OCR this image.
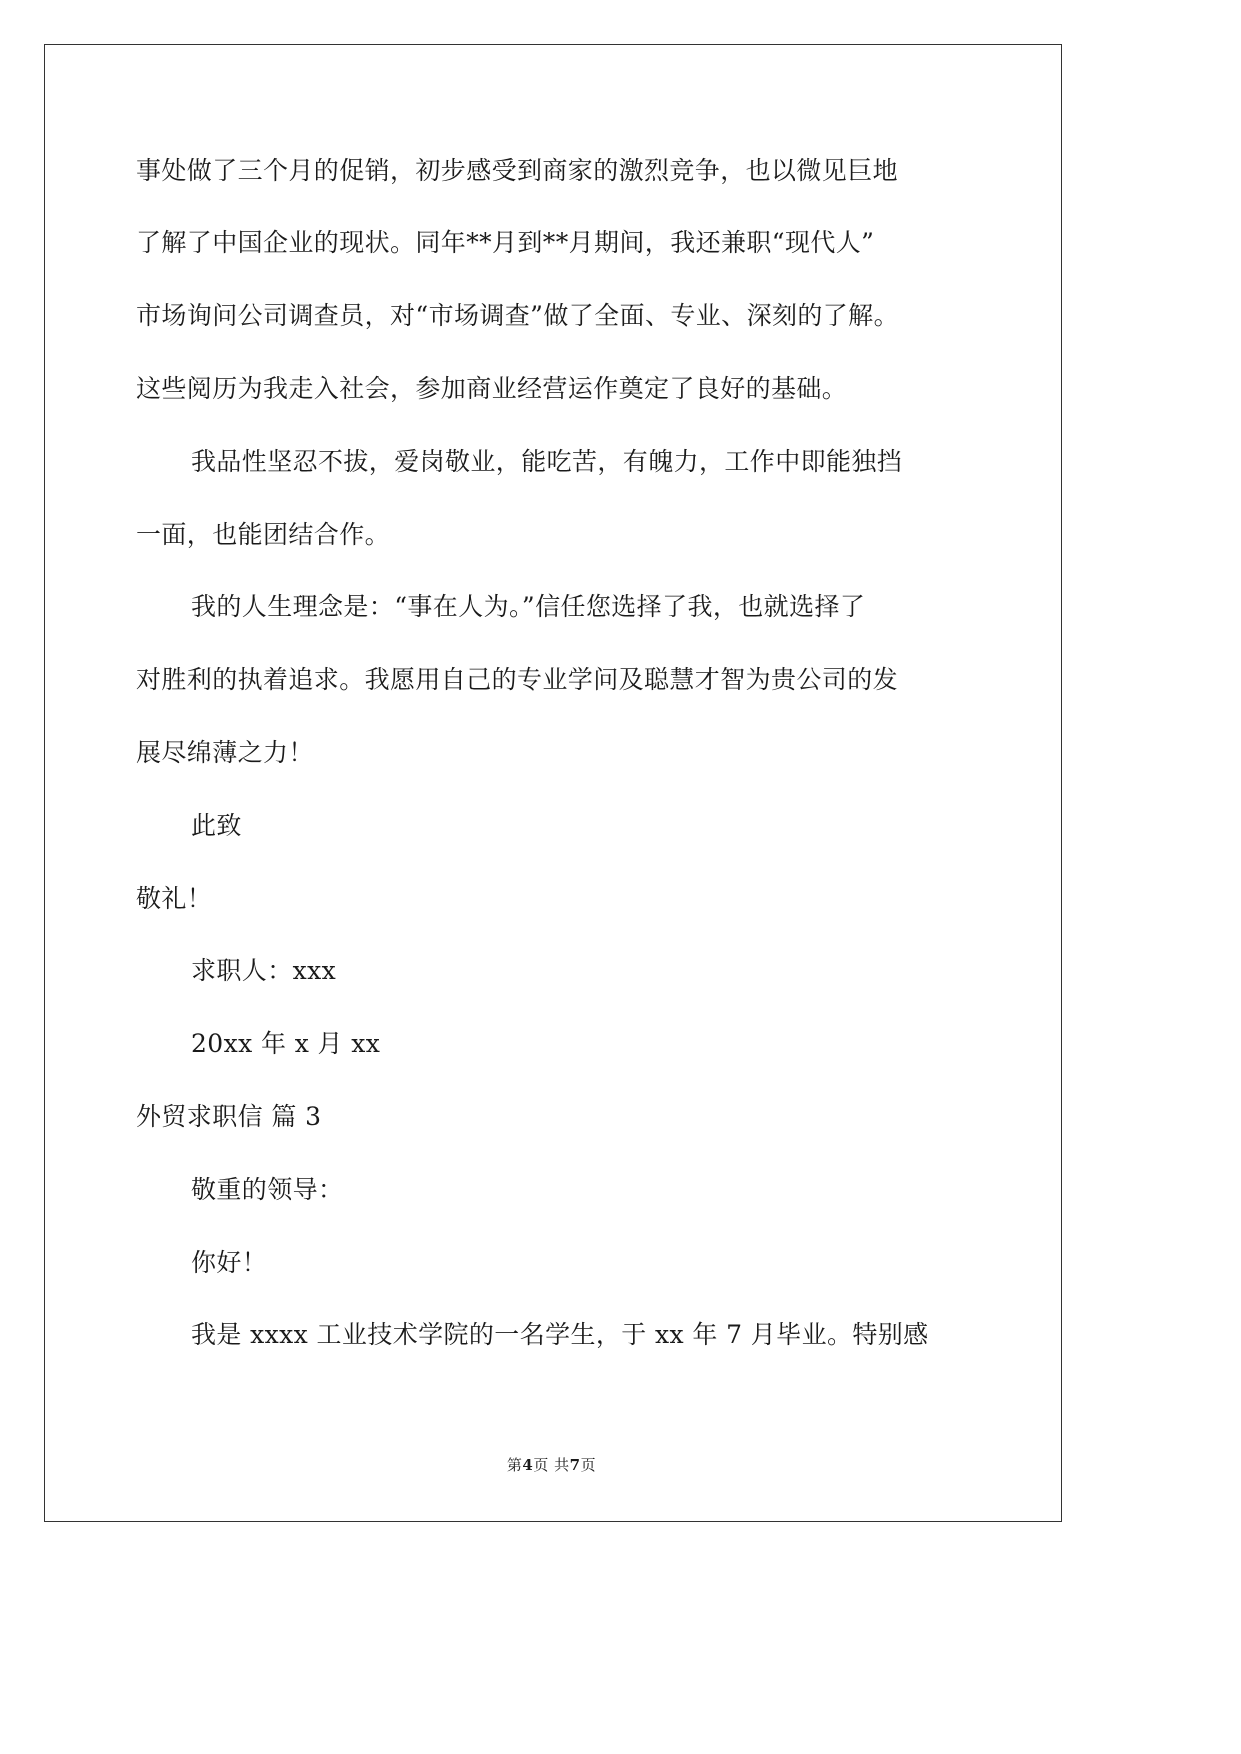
事处做了三个月的促销，初步感受到商家的激烈竞争，也以微见巨地
了解了中国企业的现状。同年**月到**月期间，我还兼职“现代人”
市场询问公司调查员，对“市场调查”做了全面、专业、深刻的了解。
这些阅历为我走入社会，参加商业经营运作奠定了良好的基础。
我品性坚忍不拔，爱岗敬业，能吃苦，有魄力，工作中即能独挡
一面，也能团结合作。
我的人生理念是：“事在人为。”信任您选择了我，也就选择了
对胜利的执着追求。我愿用自己的专业学问及聪慧才智为贵公司的发
展尽绵薄之力！
此致
敬礼！
求职人：xxx
20xx 年 x 月 xx
外贸求职信 篇 3
敬重的领导：
你好！
我是 xxxx 工业技术学院的一名学生，于 xx 年 7 月毕业。特别感
第4页 共7页
